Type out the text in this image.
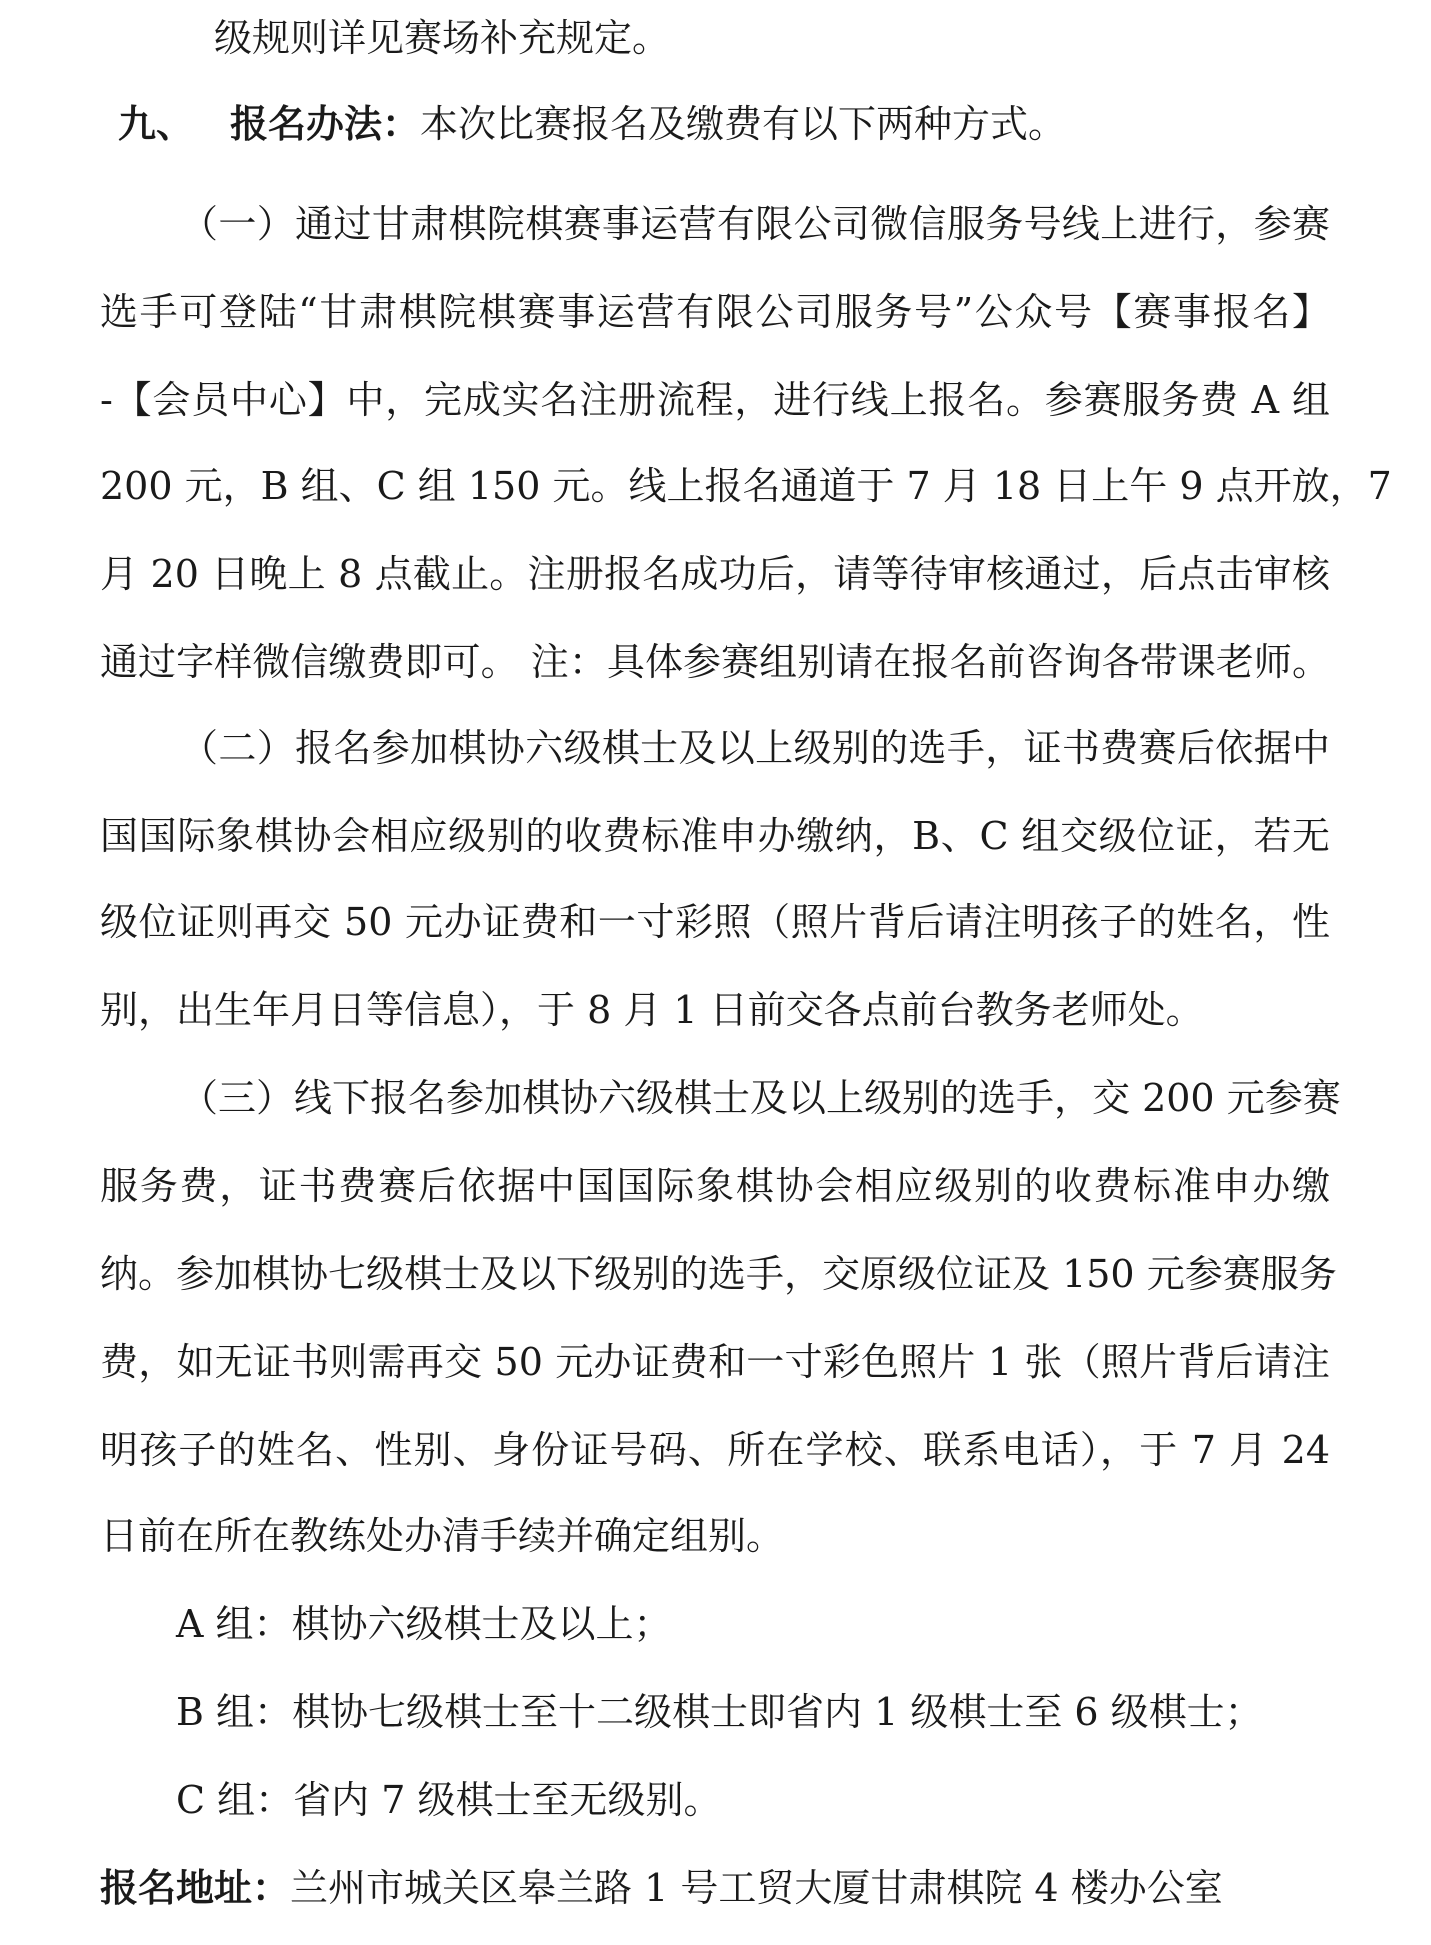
级规则详见赛场补充规定。
九、 报名办法：本次比赛报名及缴费有以下两种方式。
（一）通过甘肃棋院棋赛事运营有限公司微信服务号线上进行，参赛
选手可登陆“甘肃棋院棋赛事运营有限公司服务号”公众号【赛事报名】
-【会员中心】中，完成实名注册流程，进行线上报名。参赛服务费 A 组
200 元，B 组、C 组 150 元。线上报名通道于 7 月 18 日上午 9 点开放，7
月 20 日晚上 8 点截止。注册报名成功后，请等待审核通过，后点击审核
通过字样微信缴费即可。 注：具体参赛组别请在报名前咨询各带课老师。
（二）报名参加棋协六级棋士及以上级别的选手，证书费赛后依据中
国国际象棋协会相应级别的收费标准申办缴纳，B、C 组交级位证，若无
级位证则再交 50 元办证费和一寸彩照（照片背后请注明孩子的姓名，性
别，出生年月日等信息），于 8 月 1 日前交各点前台教务老师处。
（三）线下报名参加棋协六级棋士及以上级别的选手，交 200 元参赛
服务费，证书费赛后依据中国国际象棋协会相应级别的收费标准申办缴
纳。参加棋协七级棋士及以下级别的选手，交原级位证及 150 元参赛服务
费，如无证书则需再交 50 元办证费和一寸彩色照片 1 张（照片背后请注
明孩子的姓名、性别、身份证号码、所在学校、联系电话），于 7 月 24
日前在所在教练处办清手续并确定组别。
A 组：棋协六级棋士及以上；
B 组：棋协七级棋士至十二级棋士即省内 1 级棋士至 6 级棋士；
C 组：省内 7 级棋士至无级别。
报名地址：兰州市城关区皋兰路 1 号工贸大厦甘肃棋院 4 楼办公室
